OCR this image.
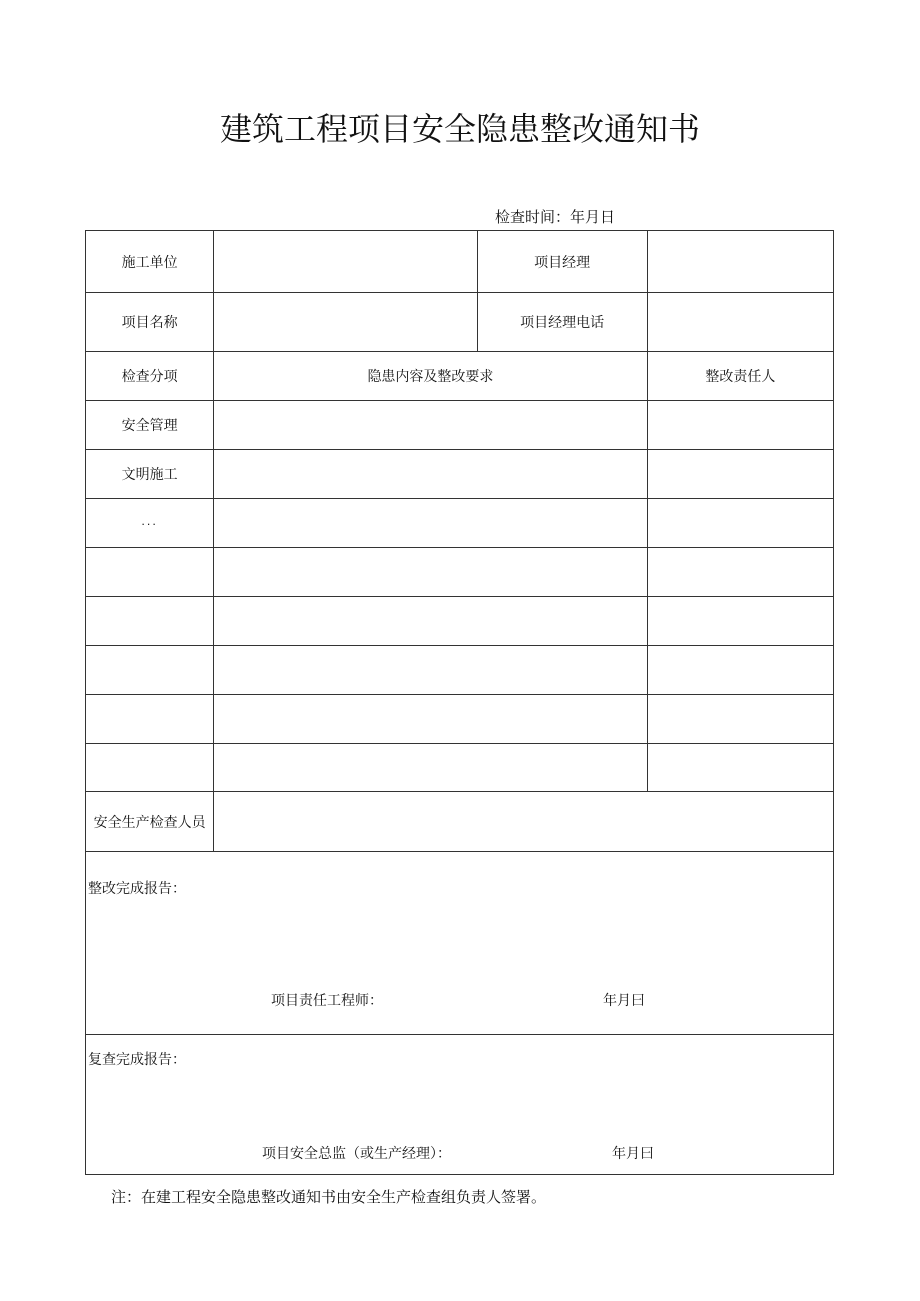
建筑工程项目安全隐患整改通知书
检查时间：年月日
施工单位		项目经理	
项目名称		项目经理电话	
检查分项	隐患内容及整改要求		整改责任人
安全管理			
文明施工			
...			

安全生产检查人员			

整改完成报告：
项目责任工程师： 年月曰			

复查完成报告：
项目安全总监（或生产经理）： 年月曰			
注：在建工程安全隐患整改通知书由安全生产检查组负责人签署。
